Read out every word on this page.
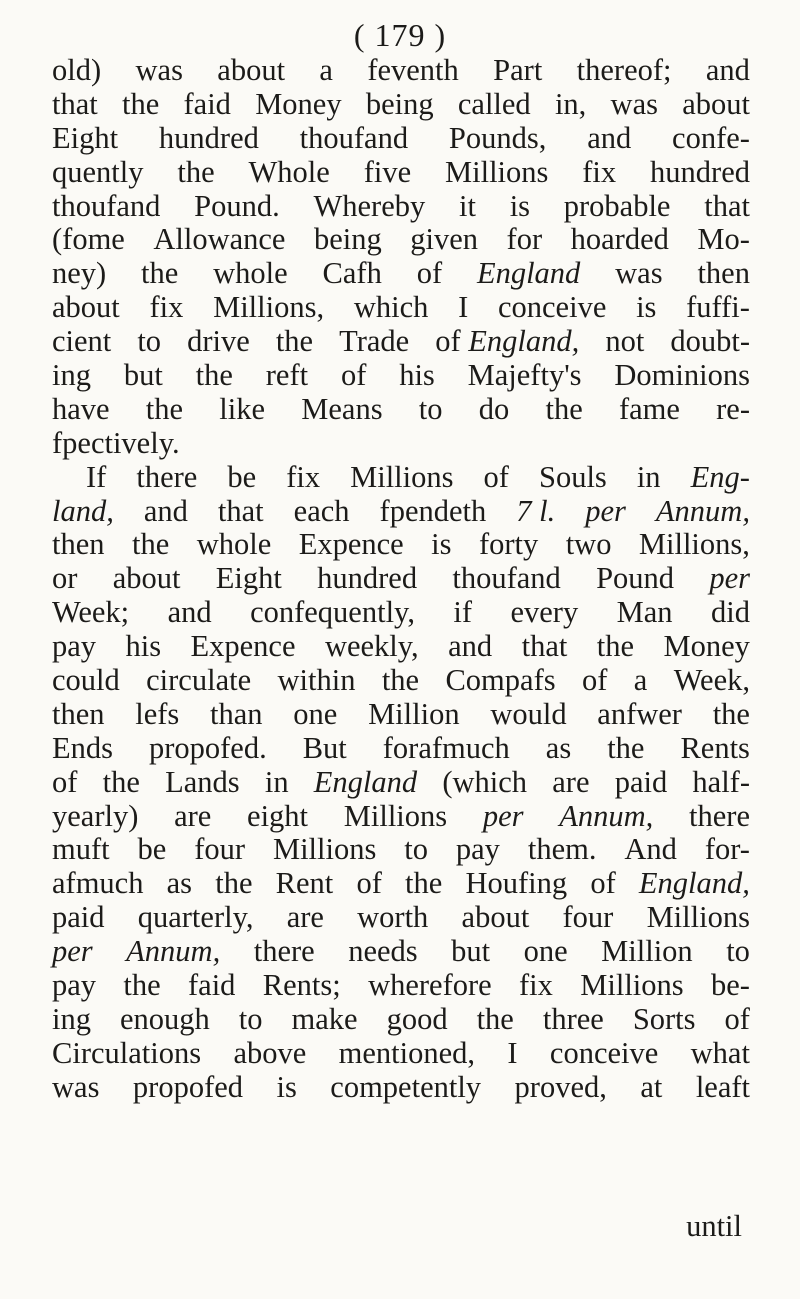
( 179 )
old) was about a feventh Part thereof; and
that the faid Money being called in, was about
Eight hundred thoufand Pounds, and confe-
quently the Whole five Millions fix hundred
thoufand Pound. Whereby it is probable that
(fome Allowance being given for hoarded Mo-
ney) the whole Cafh of England was then
about fix Millions, which I conceive is fuffi-
cient to drive the Trade of England, not doubt-
ing but the reft of his Majefty's Dominions
have the like Means to do the fame re-
fpectively.
If there be fix Millions of Souls in Eng-
land, and that each fpendeth 7 l. per Annum,
then the whole Expence is forty two Millions,
or about Eight hundred thoufand Pound per
Week; and confequently, if every Man did
pay his Expence weekly, and that the Money
could circulate within the Compafs of a Week,
then lefs than one Million would anfwer the
Ends propofed. But forafmuch as the Rents
of the Lands in England (which are paid half-
yearly) are eight Millions per Annum, there
muft be four Millions to pay them. And for-
afmuch as the Rent of the Houfing of England,
paid quarterly, are worth about four Millions
per Annum, there needs but one Million to
pay the faid Rents; wherefore fix Millions be-
ing enough to make good the three Sorts of
Circulations above mentioned, I conceive what
was propofed is competently proved, at leaft
until
